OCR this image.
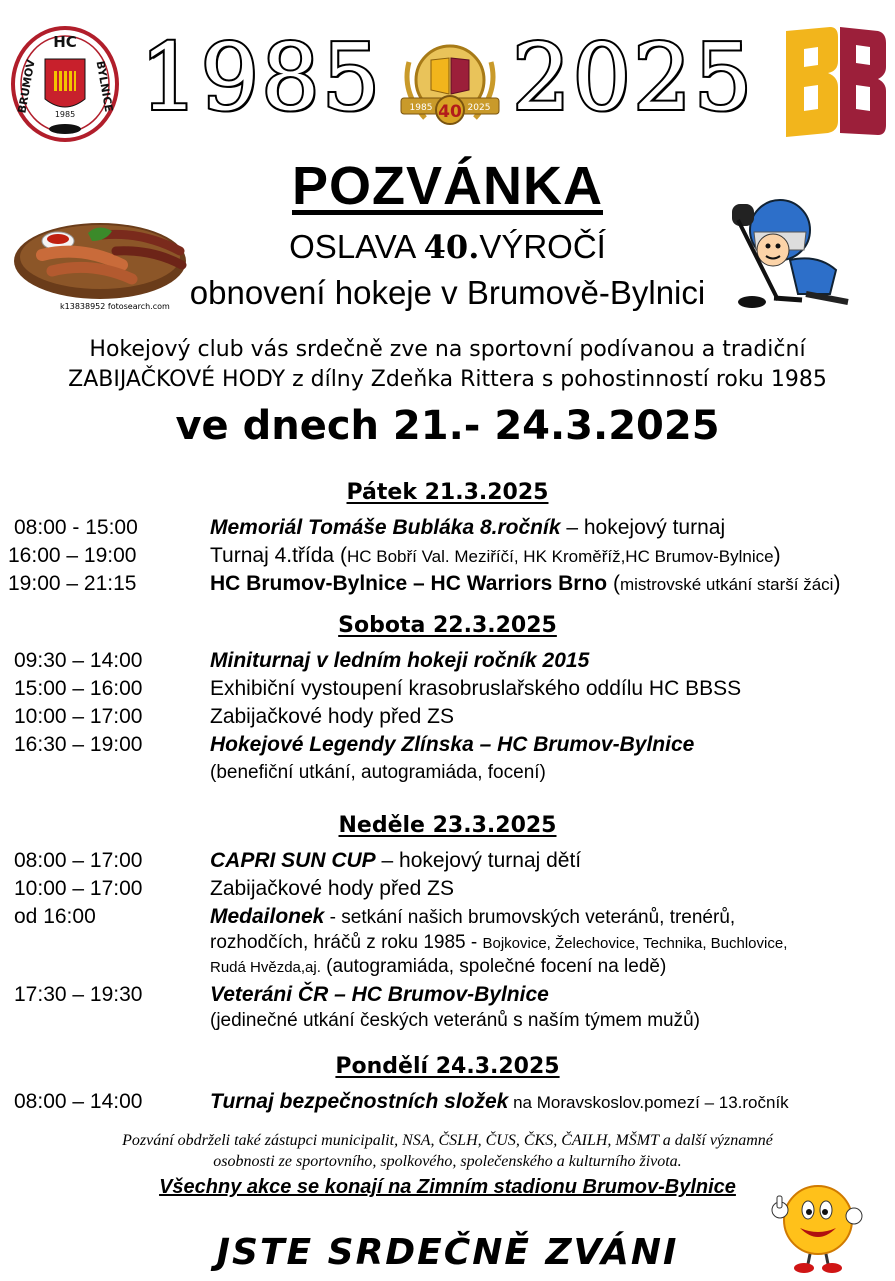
HC
BRUMOV	BYLNICE
1985 1985	1985	2025
40 2025
POZVÁNKA
k13838952 fotosearch.com
OSLAVA 40.VÝROČÍ
obnovení hokeje v Brumově-Bylnici
Hokejový club vás srdečně zve na sportovní podívanou a tradiční
ZABIJAČKOVÉ HODY z dílny Zdeňka Rittera s pohostinností roku 1985
ve dnech 21.- 24.3.2025
Pátek 21.3.2025
08:00 - 15:00	Memoriál Tomáše Bubláka 8.ročník – hokejový turnaj
16:00 – 19:00	Turnaj 4.třída (HC Bobří Val. Meziříčí, HK Kroměříž,HC Brumov-Bylnice)
19:00 – 21:15	HC Brumov-Bylnice – HC Warriors Brno (mistrovské utkání starší žáci)
Sobota 22.3.2025
09:30 – 14:00	Miniturnaj v ledním hokeji ročník 2015
15:00 – 16:00	Exhibiční vystoupení krasobruslařského oddílu HC BBSS
10:00 – 17:00	Zabijačkové hody před ZS
16:30 – 19:00	Hokejové Legendy Zlínska – HC Brumov-Bylnice
(benefiční utkání, autogramiáda, focení)
Neděle 23.3.2025
08:00 – 17:00	CAPRI SUN CUP – hokejový turnaj dětí
10:00 – 17:00	Zabijačkové hody před ZS
od 16:00	Medailonek - setkání našich brumovských veteránů, trenérů,
rozhodčích, hráčů z roku 1985 - Bojkovice, Želechovice, Technika, Buchlovice,
Rudá Hvězda,aj. (autogramiáda, společné focení na ledě)
17:30 – 19:30	Veteráni ČR – HC Brumov-Bylnice
(jedinečné utkání českých veteránů s naším týmem mužů)
Pondělí 24.3.2025
08:00 – 14:00	Turnaj bezpečnostních složek na Moravskoslov.pomezí – 13.ročník
Pozvání obdrželi také zástupci municipalit, NSA, ČSLH, ČUS, ČKS, ČAILH, MŠMT a další významné
osobnosti ze sportovního, spolkového, společenského a kulturního života.
Všechny akce se konají na Zimním stadionu Brumov-Bylnice
JSTE SRDEČNĚ ZVÁNI
